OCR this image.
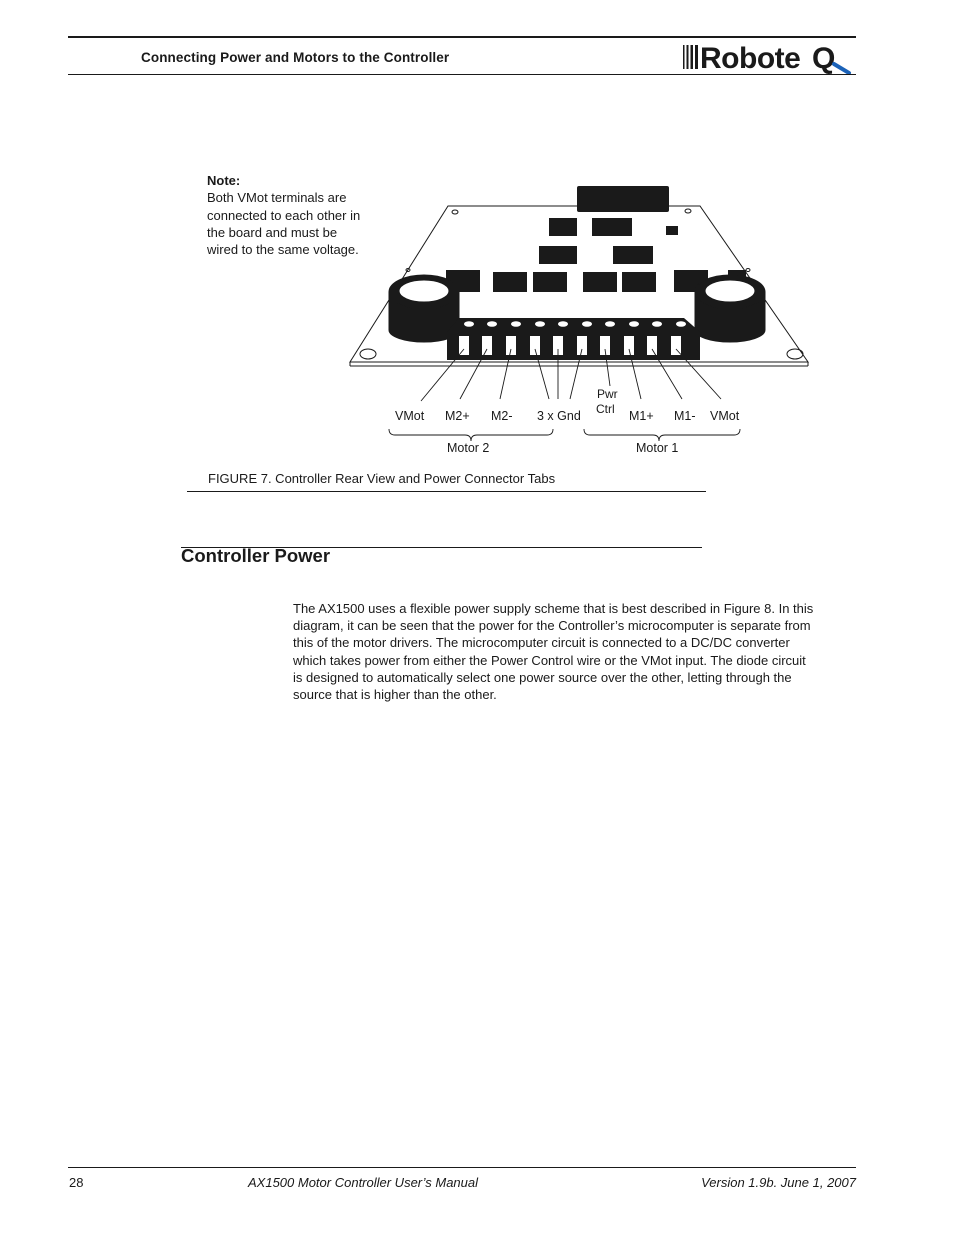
Connecting Power and Motors to the Controller	Robote Q
Note:
Both VMot terminals are
connected to each other in
the board and must be
wired to the same voltage.
VMot M2+ M2- 3 x Gnd
Pwr
Ctrl M1+ M1- VMot
Motor 2	Motor 1
FIGURE 7. Controller Rear View and Power Connector Tabs
Controller Power
The AX1500 uses a flexible power supply scheme that is best described in Figure 8. In this
diagram, it can be seen that the power for the Controller’s microcomputer is separate from
this of the motor drivers. The microcomputer circuit is connected to a DC/DC converter
which takes power from either the Power Control wire or the VMot input. The diode circuit
is designed to automatically select one power source over the other, letting through the
source that is higher than the other.
28	AX1500 Motor Controller User’s Manual	Version 1.9b. June 1, 2007
